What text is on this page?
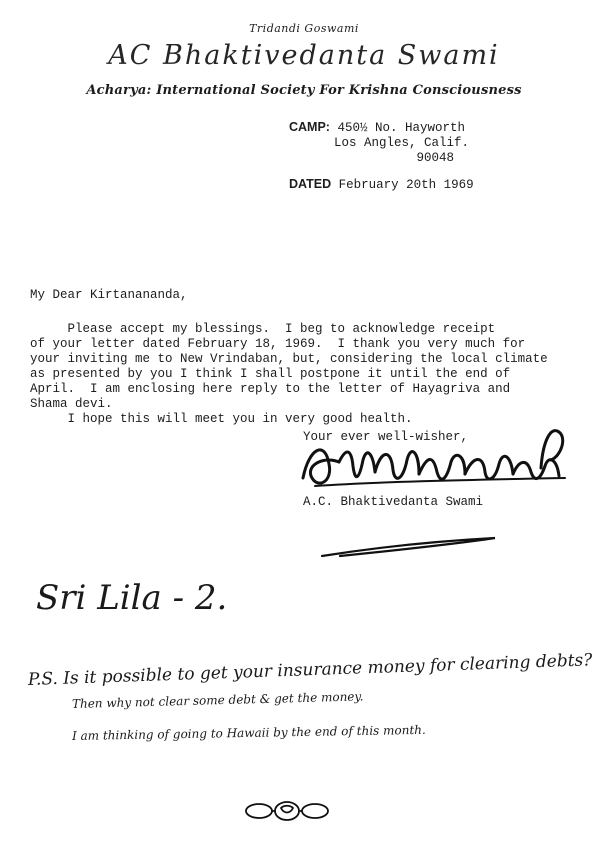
Tridandi Goswami
AC Bhaktivedanta Swami
Acharya: International Society For Krishna Consciousness
CAMP: 450½ No. Hayworth
Los Angles, Calif.
90048
DATED February 20th 1969
My Dear Kirtanananda,
Please accept my blessings.  I beg to acknowledge receipt
of your letter dated February 18, 1969.  I thank you very much for
your inviting me to New Vrindaban, but, considering the local climate
as presented by you I think I shall postpone it until the end of
April.  I am enclosing here reply to the letter of Hayagriva and
Shama devi.
I hope this will meet you in very good health.
Your ever well-wisher,
A.C. Bhaktivedanta Swami
Sri Lila - 2.
P.S. Is it possible to get your insurance money for clearing debts?
Then why not clear some debt & get the money.
I am thinking of going to Hawaii by the end of this month.
